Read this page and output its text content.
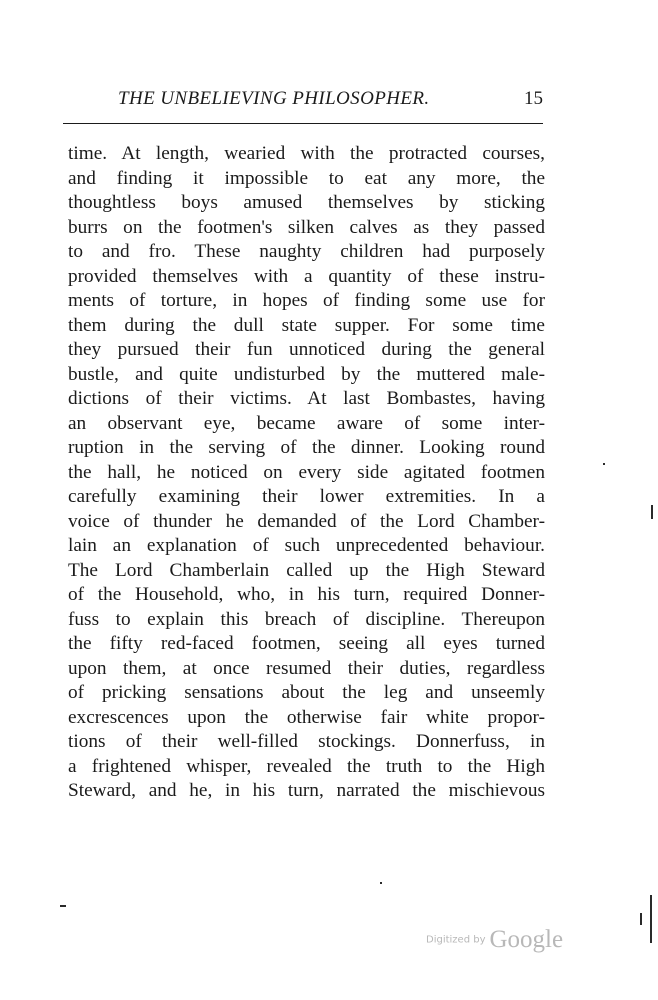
THE UNBELIEVING PHILOSOPHER.	15
time. At length, wearied with the protracted courses,
and finding it impossible to eat any more, the
thoughtless boys amused themselves by sticking
burrs on the footmen's silken calves as they passed
to and fro. These naughty children had purposely
provided themselves with a quantity of these instru-
ments of torture, in hopes of finding some use for
them during the dull state supper. For some time
they pursued their fun unnoticed during the general
bustle, and quite undisturbed by the muttered male-
dictions of their victims. At last Bombastes, having
an observant eye, became aware of some inter-
ruption in the serving of the dinner. Looking round
the hall, he noticed on every side agitated footmen
carefully examining their lower extremities. In a
voice of thunder he demanded of the Lord Chamber-
lain an explanation of such unprecedented behaviour.
The Lord Chamberlain called up the High Steward
of the Household, who, in his turn, required Donner-
fuss to explain this breach of discipline. Thereupon
the fifty red-faced footmen, seeing all eyes turned
upon them, at once resumed their duties, regardless
of pricking sensations about the leg and unseemly
excrescences upon the otherwise fair white propor-
tions of their well-filled stockings. Donnerfuss, in
a frightened whisper, revealed the truth to the High
Steward, and he, in his turn, narrated the mischievous
Digitized by Google
